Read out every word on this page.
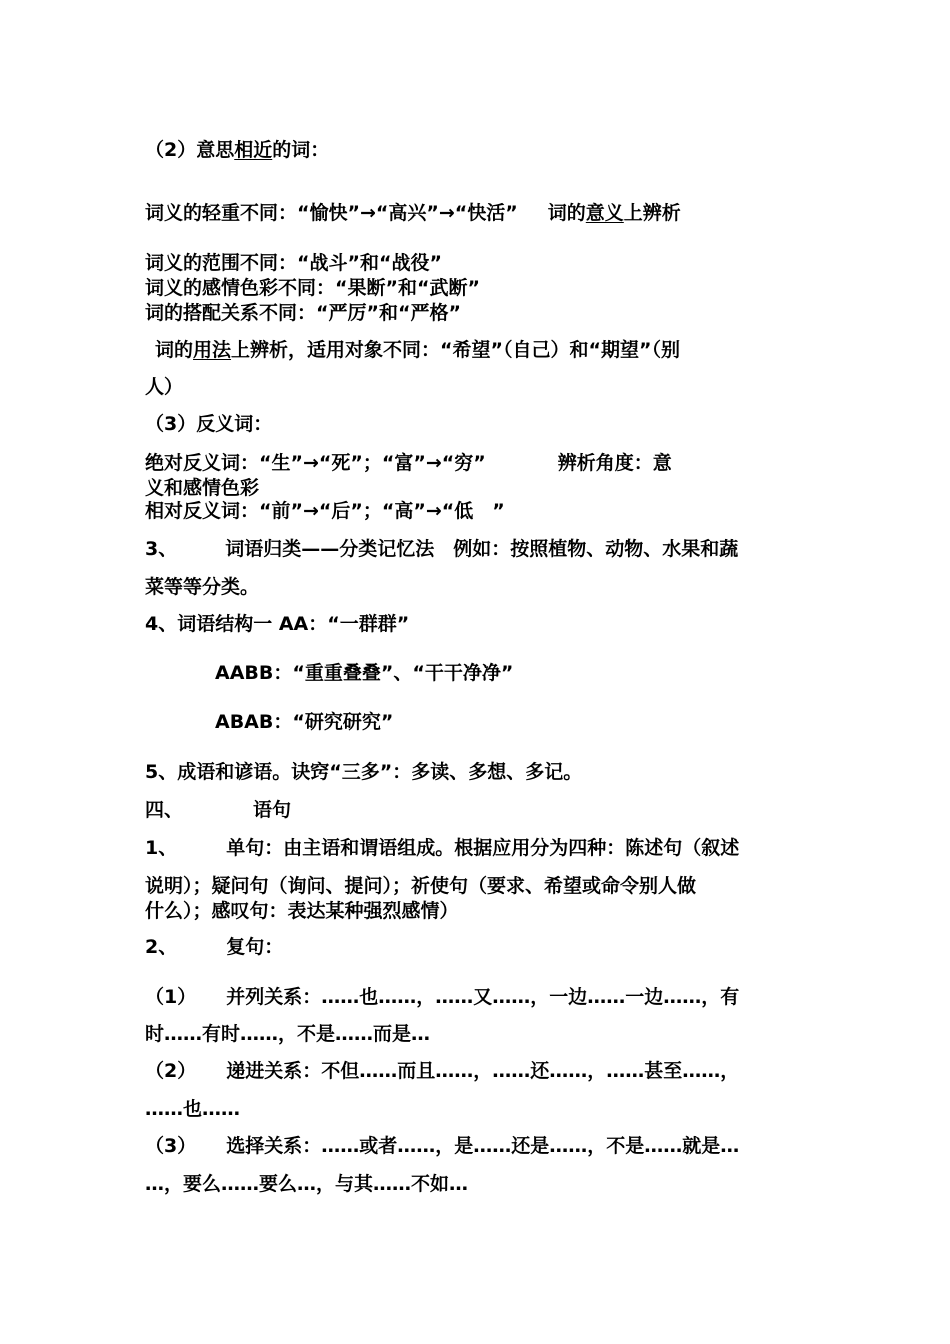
（2）意思相近的词：
词义的轻重不同：“愉快”→“高兴”→“快活” 词的意义上辨析
词义的范围不同：“战斗”和“战役”
词义的感情色彩不同：“果断”和“武断”
词的搭配关系不同：“严厉”和“严格”
词的用法上辨析，适用对象不同：“希望”（自己）和“期望”（别
人）
（3）反义词：
绝对反义词：“生”→“死”；“富”→“穷”	辨析角度：意
义和感情色彩
相对反义词：“前”→“后”；“高”→“低　”
3、	词语归类——分类记忆法　例如：按照植物、动物、水果和蔬
菜等等分类。
4、词语结构一 AA：“一群群”
AABB：“重重叠叠”、“干干净净”
ABAB：“研究研究”
5、成语和谚语。诀窍“三多”：多读、多想、多记。
四、	语句
1、	单句：由主语和谓语组成。根据应用分为四种：陈述句（叙述
说明）；疑问句（询问、提问）；祈使句（要求、希望或命令别人做
什么）；感叹句：表达某种强烈感情）
2、	复句：
（1） 并列关系：……也……，……又……，一边……一边……，有
时……有时……，不是……而是…
（2） 递进关系：不但……而且……，……还……，……甚至……，
……也……
（3） 选择关系：……或者……，是……还是……，不是……就是…
…，要么……要么…，与其……不如…
